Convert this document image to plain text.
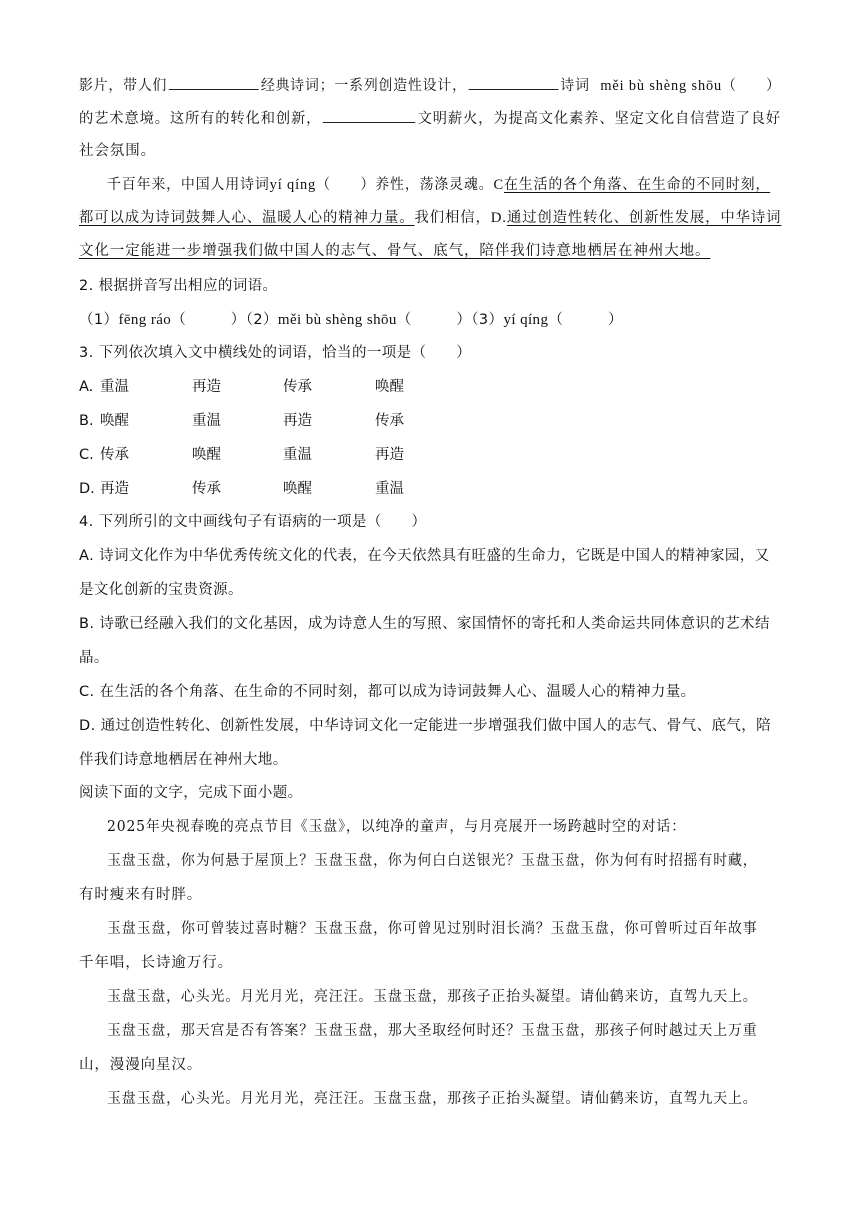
影片，带人们	经典诗词；一系列创造性设计，	诗词 měi bù shèng shōu（　　）
的艺术意境。这所有的转化和创新，	文明薪火，为提高文化素养、坚定文化自信营造了良好
社会氛围。
千百年来，中国人用诗词yí qíng（　　）养性，荡涤灵魂。C在生活的各个角落、在生命的不同时刻，
都可以成为诗词鼓舞人心、温暖人心的精神力量。我们相信，D.通过创造性转化、创新性发展，中华诗词
文化一定能进一步增强我们做中国人的志气、骨气、底气，陪伴我们诗意地栖居在神州大地。
2. 根据拼音写出相应的词语。
（1）fēng ráo（　　　）（2）měi bù shèng shōu（　　　）（3）yí qíng（　　　）
3. 下列依次填入文中横线处的词语，恰当的一项是（　　）
A. 重温	再造	传承	唤醒
B. 唤醒	重温	再造	传承
C. 传承	唤醒	重温	再造
D. 再造	传承	唤醒	重温
4. 下列所引的文中画线句子有语病的一项是（　　）
A. 诗词文化作为中华优秀传统文化的代表，在今天依然具有旺盛的生命力，它既是中国人的精神家园，又
是文化创新的宝贵资源。
B. 诗歌已经融入我们的文化基因，成为诗意人生的写照、家国情怀的寄托和人类命运共同体意识的艺术结
晶。
C. 在生活的各个角落、在生命的不同时刻，都可以成为诗词鼓舞人心、温暖人心的精神力量。
D. 通过创造性转化、创新性发展，中华诗词文化一定能进一步增强我们做中国人的志气、骨气、底气，陪
伴我们诗意地栖居在神州大地。
阅读下面的文字，完成下面小题。
2025年央视春晚的亮点节目《玉盘》，以纯净的童声，与月亮展开一场跨越时空的对话：
玉盘玉盘，你为何悬于屋顶上？玉盘玉盘，你为何白白送银光？玉盘玉盘，你为何有时招摇有时藏，
有时瘦来有时胖。
玉盘玉盘，你可曾装过喜时糖？玉盘玉盘，你可曾见过别时泪长淌？玉盘玉盘，你可曾听过百年故事
千年唱，长诗逾万行。
玉盘玉盘，心头光。月光月光，亮汪汪。玉盘玉盘，那孩子正抬头凝望。请仙鹤来访，直驾九天上。
玉盘玉盘，那天宫是否有答案？玉盘玉盘，那大圣取经何时还？玉盘玉盘，那孩子何时越过天上万重
山，漫漫向星汉。
玉盘玉盘，心头光。月光月光，亮汪汪。玉盘玉盘，那孩子正抬头凝望。请仙鹤来访，直驾九天上。
